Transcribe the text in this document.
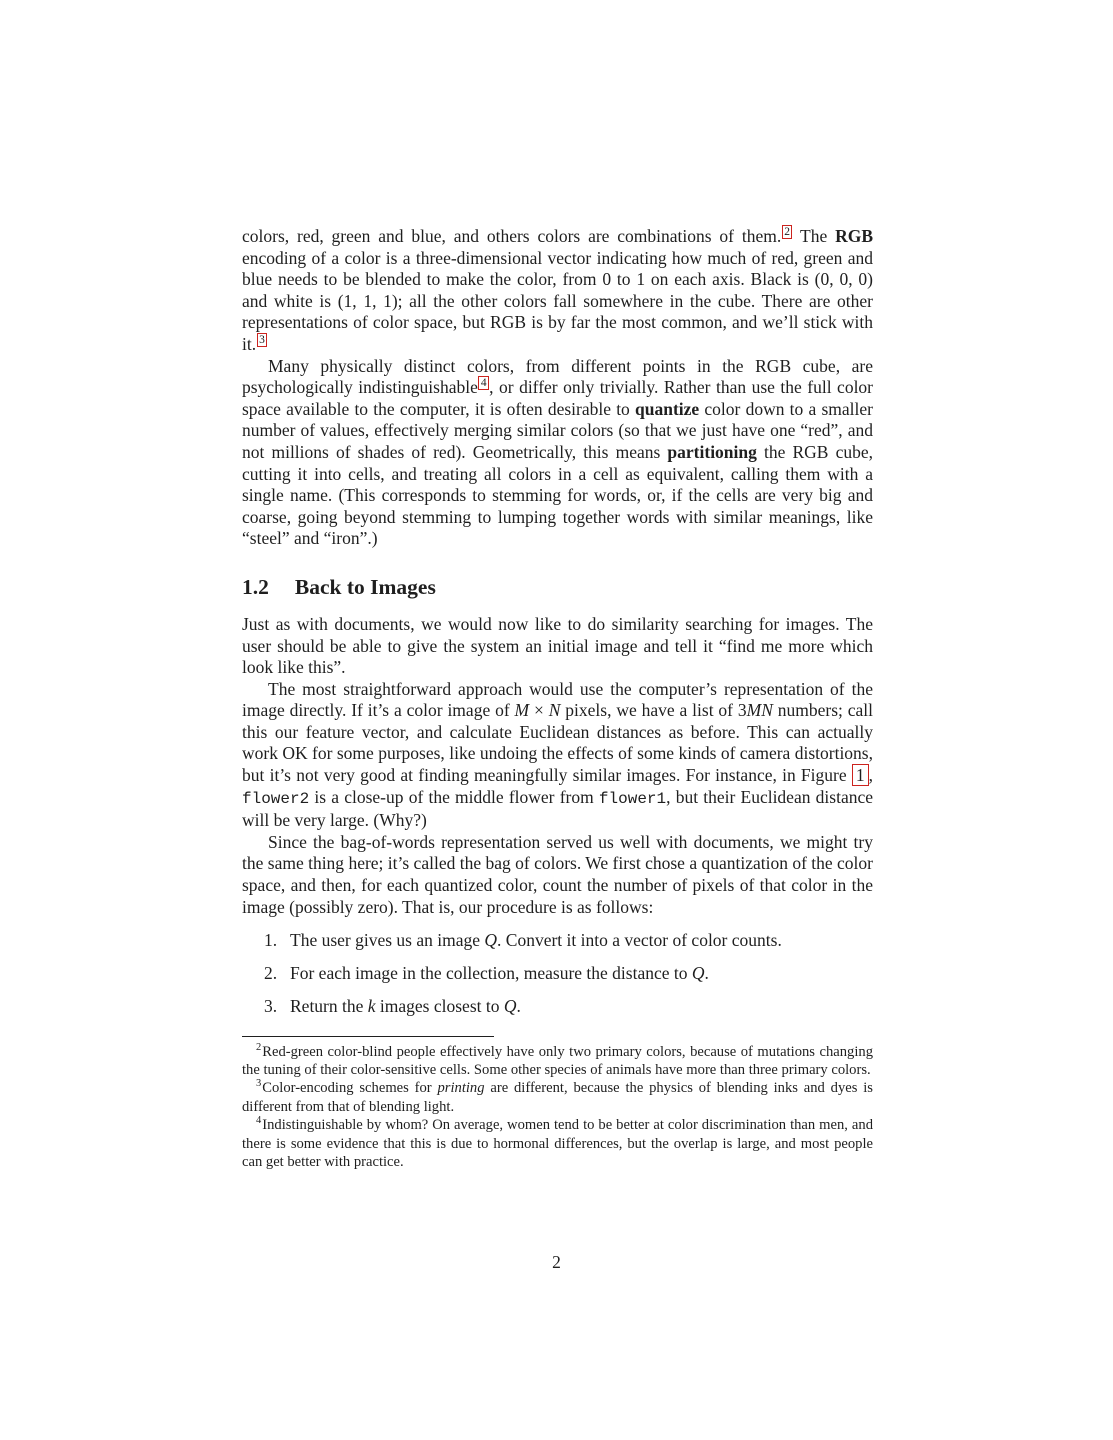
colors, red, green and blue, and others colors are combinations of them. $^2$ The RGB encoding of a color is a three-dimensional vector indicating how much of red, green and blue needs to be blended to make the color, from 0 to 1 on each axis. Black is (0, 0, 0) and white is (1, 1, 1); all the other colors fall somewhere in the cube. There are other representations of color space, but RGB is by far the most common, and we’ll stick with it. $^3$
Many physically distinct colors, from different points in the RGB cube, are psychologically indistinguishable $^4$ , or differ only trivially. Rather than use the full color space available to the computer, it is often desirable to quantize color down to a smaller number of values, effectively merging similar colors (so that we just have one “red”, and not millions of shades of red). Geometrically, this means partitioning the RGB cube, cutting it into cells, and treating all colors in a cell as equivalent, calling them with a single name. (This corresponds to stemming for words, or, if the cells are very big and coarse, going beyond stemming to lumping together words with similar meanings, like “steel” and “iron”.)
1.2 Back to Images
Just as with documents, we would now like to do similarity searching for images. The user should be able to give the system an initial image and tell it “find me more which look like this”.
The most straightforward approach would use the computer’s representation of the image directly. If it’s a color image of M × N pixels, we have a list of 3MN numbers; call this our feature vector, and calculate Euclidean distances as before. This can actually work OK for some purposes, like undoing the effects of some kinds of camera distortions, but it’s not very good at finding meaningfully similar images. For instance, in Figure 1 , flower2 is a close-up of the middle flower from flower1, but their Euclidean distance will be very large. (Why?)
Since the bag-of-words representation served us well with documents, we might try the same thing here; it’s called the bag of colors. We first chose a quantization of the color space, and then, for each quantized color, count the number of pixels of that color in the image (possibly zero). That is, our procedure is as follows:
1. The user gives us an image Q. Convert it into a vector of color counts.
2. For each image in the collection, measure the distance to Q.
3. Return the k images closest to Q.
$^2$Red-green color-blind people effectively have only two primary colors, because of mutations changing the tuning of their color-sensitive cells. Some other species of animals have more than three primary colors.
$^3$Color-encoding schemes for printing are different, because the physics of blending inks and dyes is different from that of blending light.
$^4$Indistinguishable by whom? On average, women tend to be better at color discrimination than men, and there is some evidence that this is due to hormonal differences, but the overlap is large, and most people can get better with practice.
2
